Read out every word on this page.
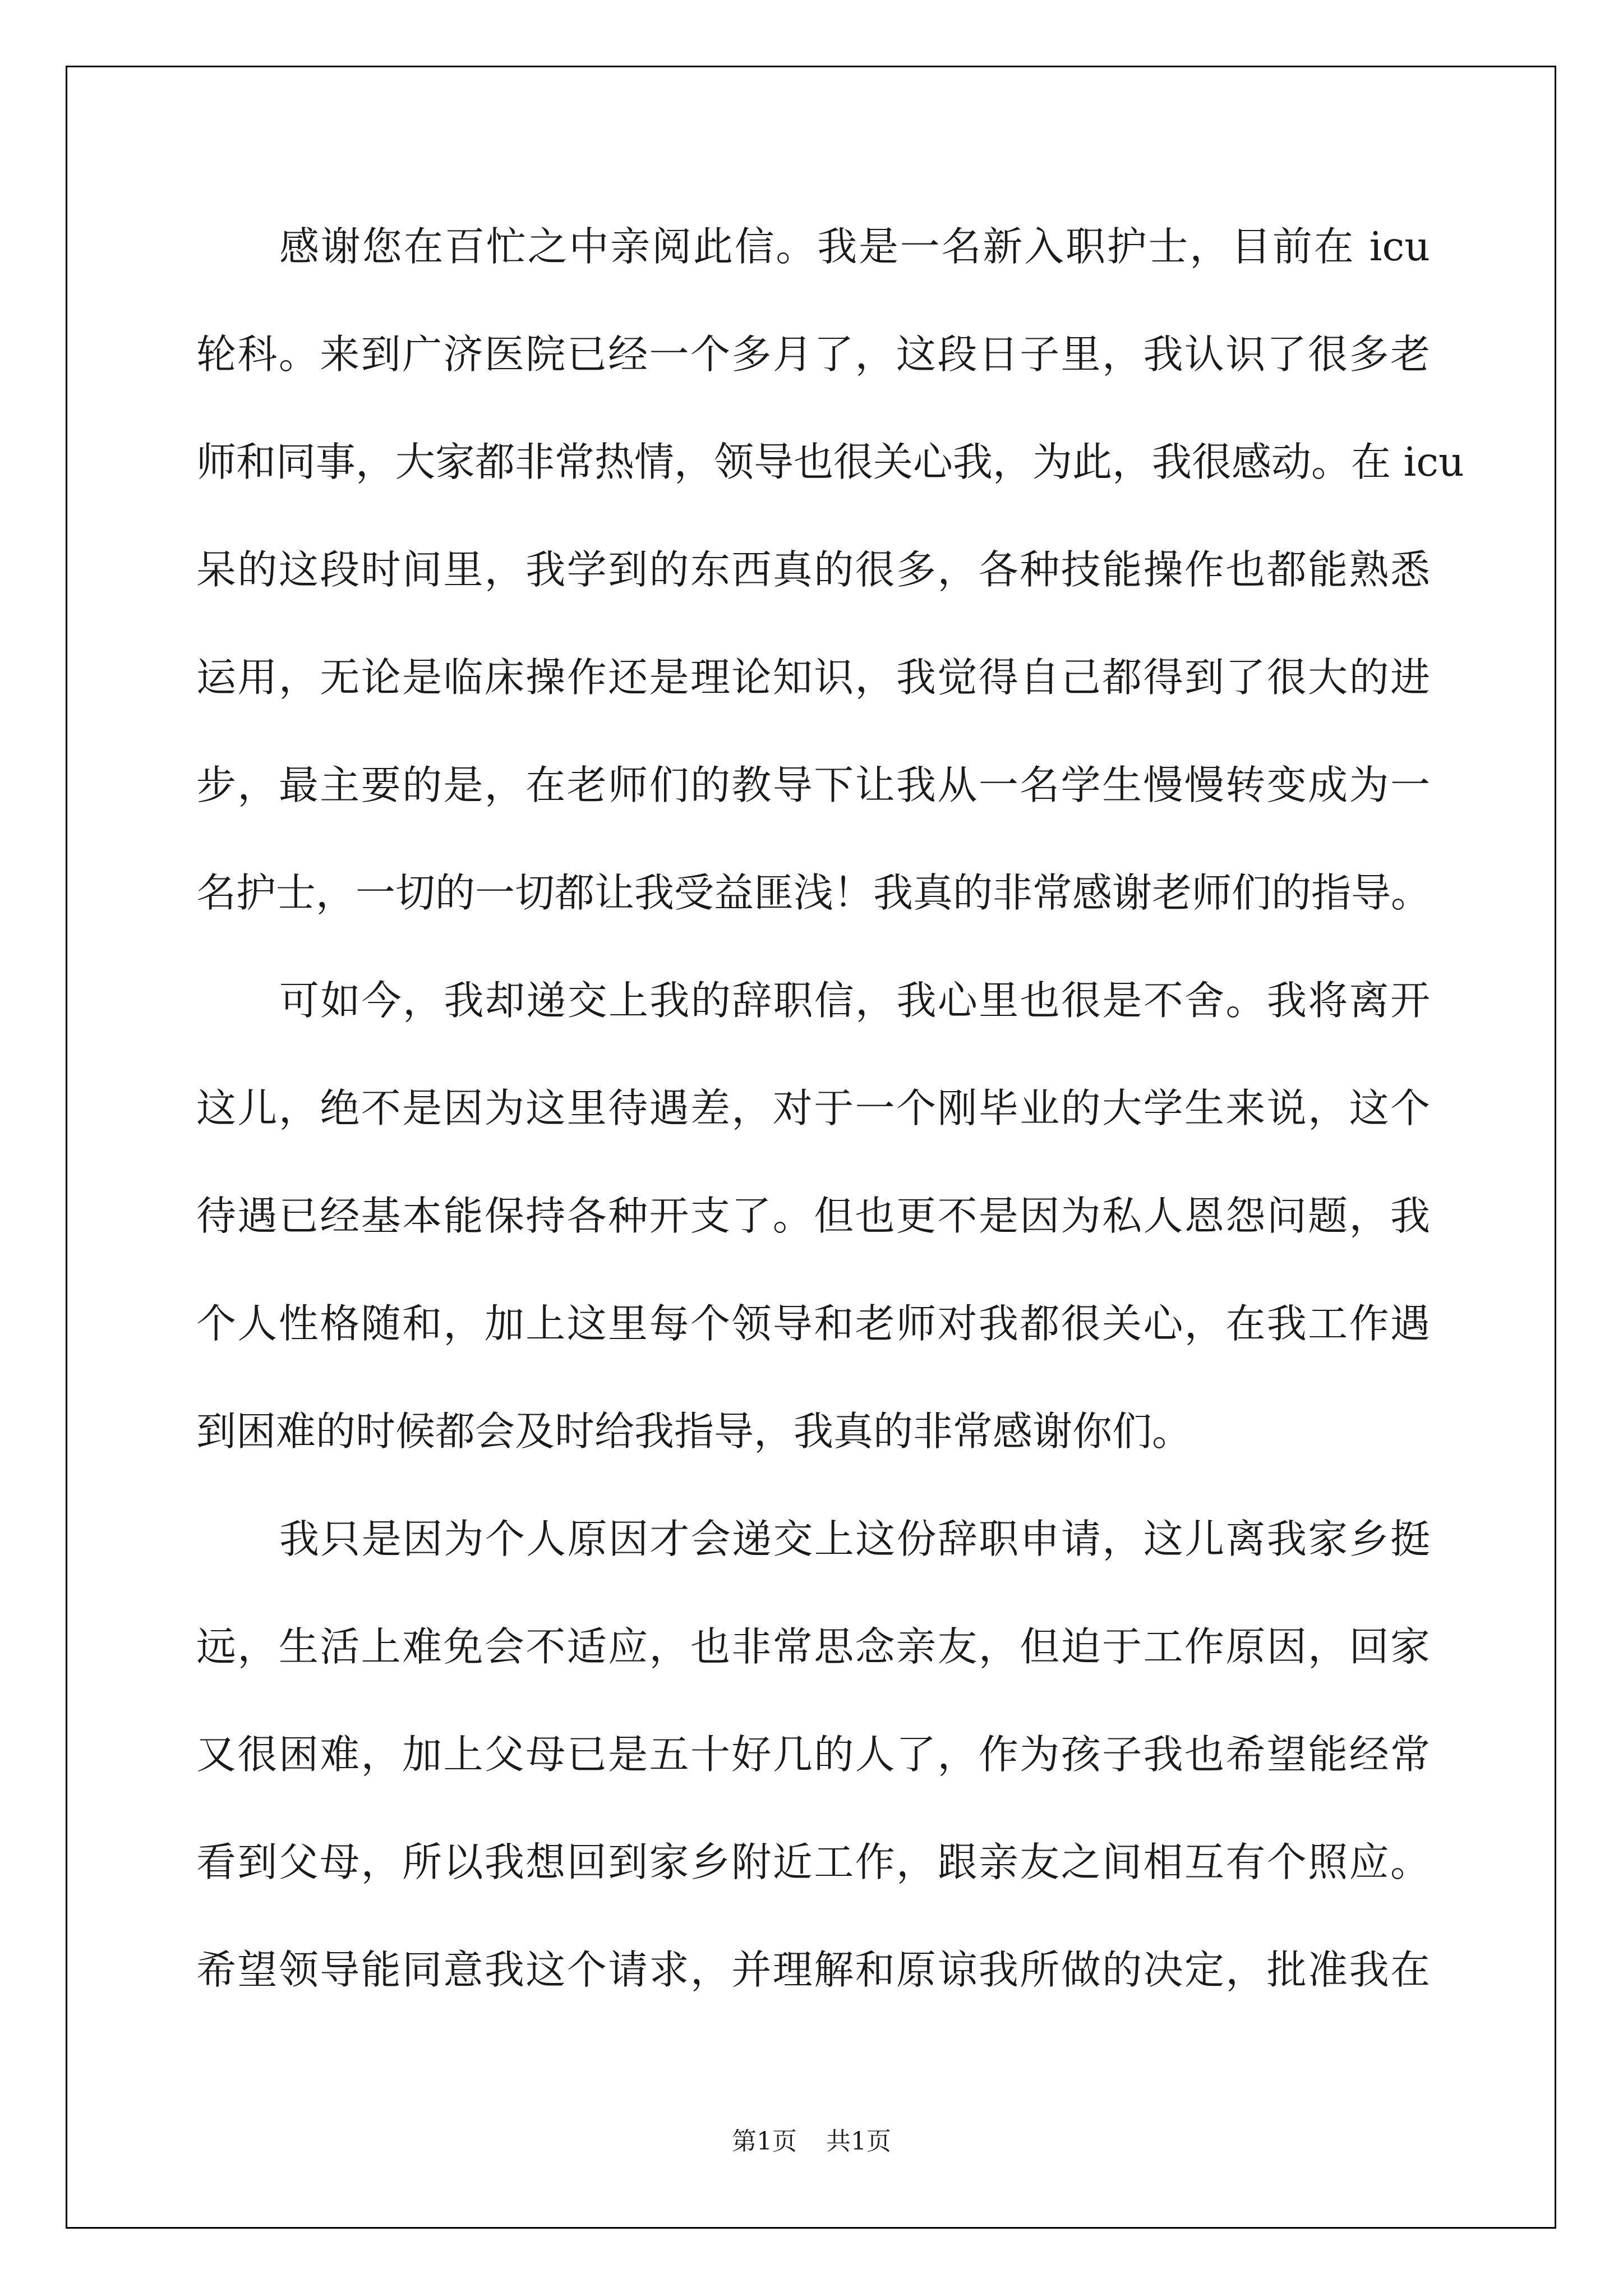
感谢您在百忙之中亲阅此信。我是一名新入职护士，目前在 icu
轮科。来到广济医院已经一个多月了，这段日子里，我认识了很多老
师和同事，大家都非常热情，领导也很关心我，为此，我很感动。在 icu
呆的这段时间里，我学到的东西真的很多，各种技能操作也都能熟悉
运用，无论是临床操作还是理论知识，我觉得自己都得到了很大的进
步，最主要的是，在老师们的教导下让我从一名学生慢慢转变成为一
名护士，一切的一切都让我受益匪浅！我真的非常感谢老师们的指导。
可如今，我却递交上我的辞职信，我心里也很是不舍。我将离开
这儿，绝不是因为这里待遇差，对于一个刚毕业的大学生来说，这个
待遇已经基本能保持各种开支了。但也更不是因为私人恩怨问题，我
个人性格随和，加上这里每个领导和老师对我都很关心，在我工作遇
到困难的时候都会及时给我指导，我真的非常感谢你们。
我只是因为个人原因才会递交上这份辞职申请，这儿离我家乡挺
远，生活上难免会不适应，也非常思念亲友，但迫于工作原因，回家
又很困难，加上父母已是五十好几的人了，作为孩子我也希望能经常
看到父母，所以我想回到家乡附近工作，跟亲友之间相互有个照应。
希望领导能同意我这个请求，并理解和原谅我所做的决定，批准我在
第1页 共1页
